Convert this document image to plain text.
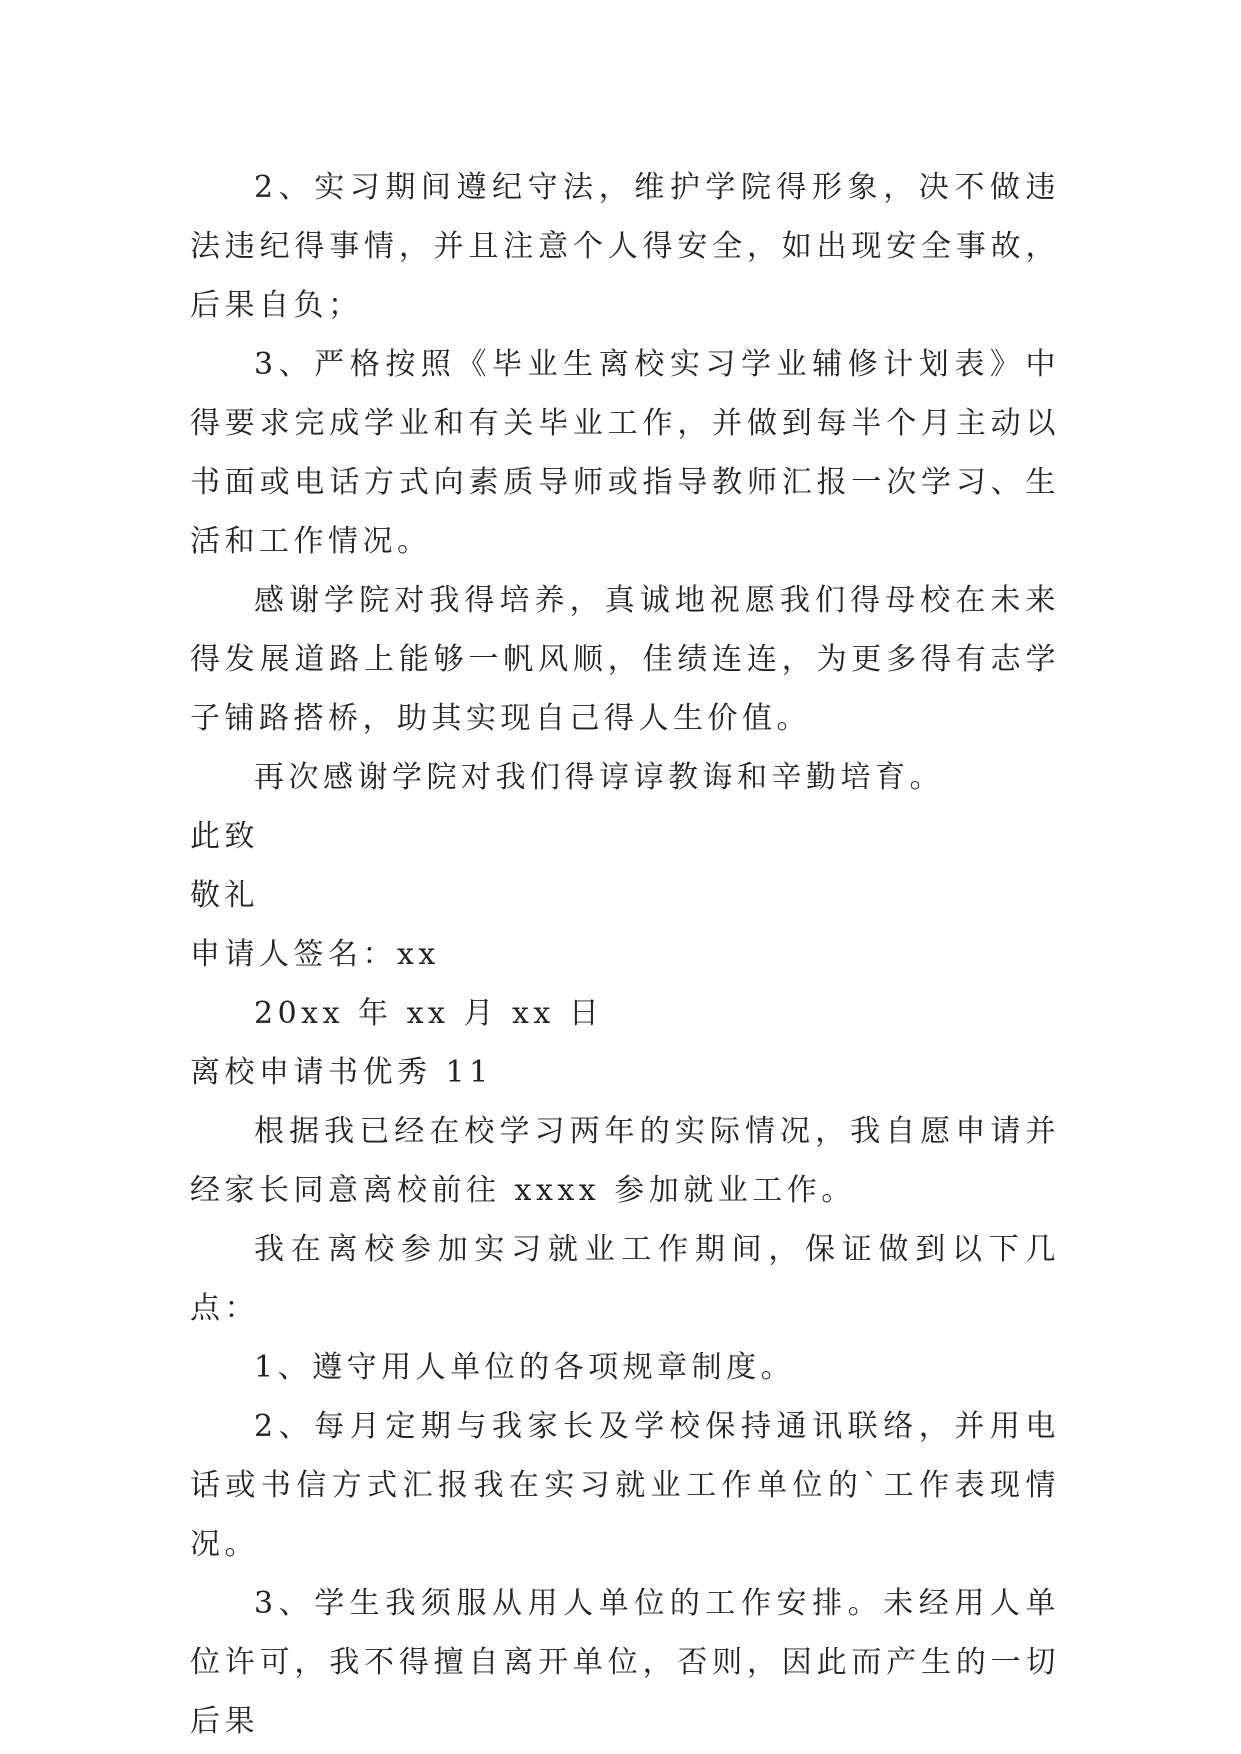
2、实习期间遵纪守法，维护学院得形象，决不做违法违纪得事情，并且注意个人得安全，如出现安全事故，后果自负；

3、严格按照《毕业生离校实习学业辅修计划表》中得要求完成学业和有关毕业工作，并做到每半个月主动以书面或电话方式向素质导师或指导教师汇报一次学习、生活和工作情况。

感谢学院对我得培养，真诚地祝愿我们得母校在未来得发展道路上能够一帆风顺，佳绩连连，为更多得有志学子铺路搭桥，助其实现自己得人生价值。

再次感谢学院对我们得谆谆教诲和辛勤培育。

此致

敬礼

申请人签名：xx

20xx 年 xx 月 xx 日

离校申请书优秀 11

根据我已经在校学习两年的实际情况，我自愿申请并经家长同意离校前往 xxxx 参加就业工作。

我在离校参加实习就业工作期间，保证做到以下几点：

1、遵守用人单位的各项规章制度。

2、每月定期与我家长及学校保持通讯联络，并用电话或书信方式汇报我在实习就业工作单位的`工作表现情况。

3、学生我须服从用人单位的工作安排。未经用人单位许可，我不得擅自离开单位，否则，因此而产生的一切后果
